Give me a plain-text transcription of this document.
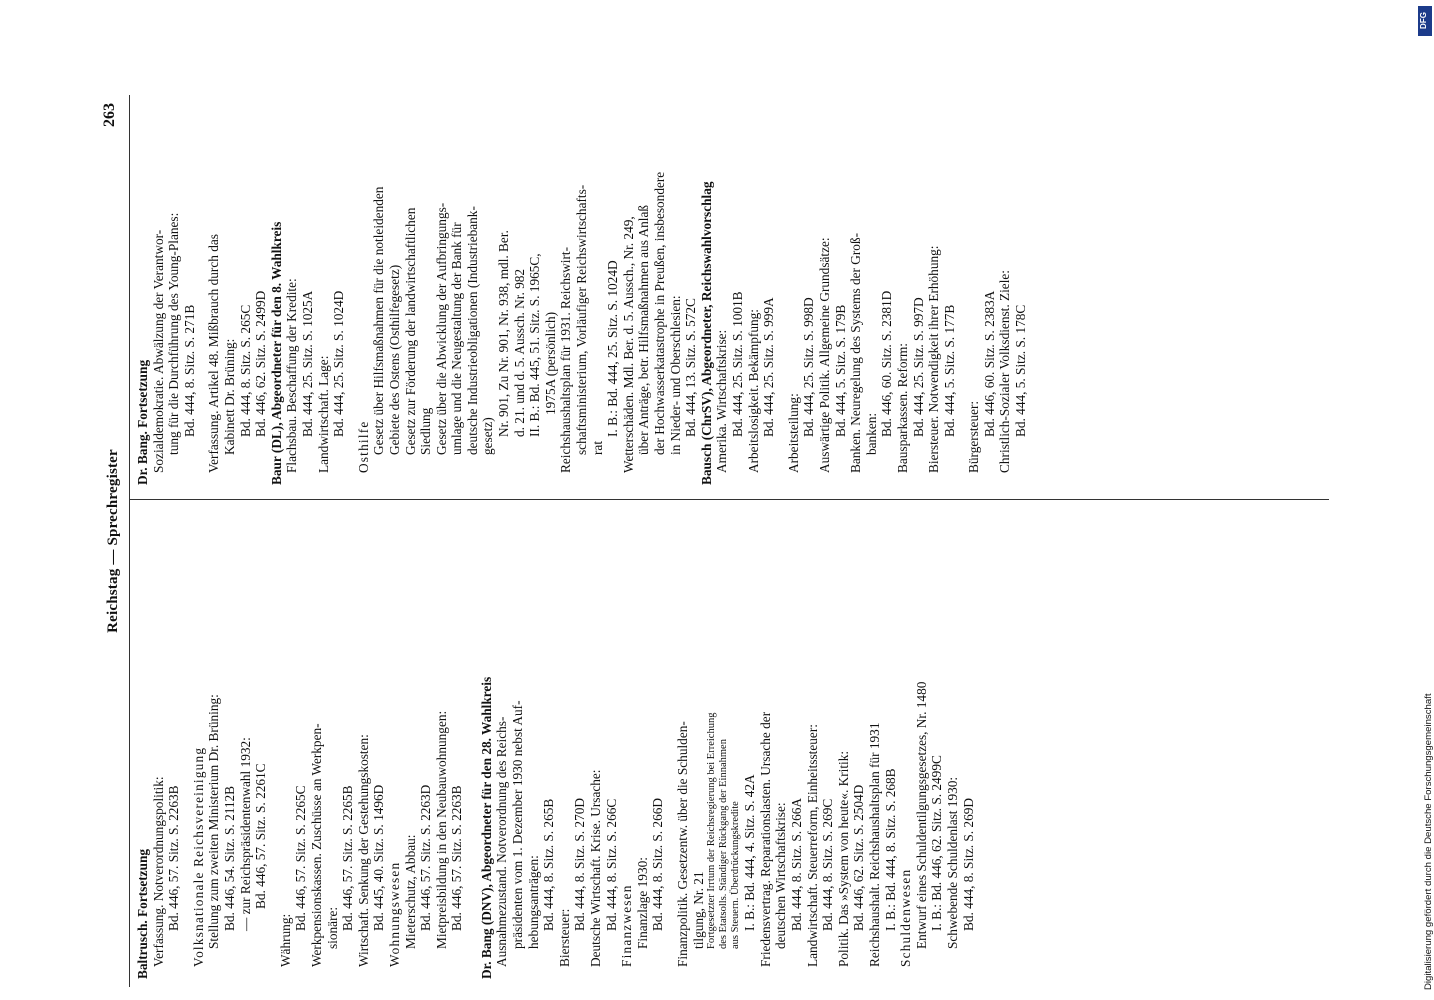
Reichstag — Sprechregister
263
Baltrusch. Fortsetzung Verfassung. Notverordnungspolitik: Bd. 446, 57. Sitz. S. 2263B Volksnationale Reichsvereinigung Stellung zum zweiten Ministerium Dr. Brüning: Bd. 446, 54. Sitz. S. 2112B — zur Reichspräsidentenwahl 1932: Bd. 446, 57. Sitz. S. 2261C
Währung:
Bd. 446, 57. Sitz. S. 2265C Werkpensionskassen. Zuschüsse an Werkpen- sionäre: Bd. 446, 57. Sitz. S. 2265B Wirtschaft. Senkung der Gestehungskosten: Bd. 445, 40. Sitz. S. 1496D Wohnungswesen Mieterschutz, Abbau: Bd. 446, 57. Sitz. S. 2263D Mietpreisbildung in den Neubauwohnungen: Bd. 446, 57. Sitz. S. 2263B Dr. Bang (DNV), Abgeordneter für den 28. Wahlkreis Ausnahmezustand. Notverordnung des Reichs- präsidenten vom 1. Dezember 1930 nebst Auf- hebungsanträgen: Bd. 444, 8. Sitz. S. 265B
Biersteuer:
Bd. 444, 8. Sitz. S. 270D Deutsche Wirtschaft. Krise. Ursache: Bd. 444, 8. Sitz. S. 266C Finanzwesen Finanzlage 1930: Bd. 444, 8. Sitz. S. 266D Finanzpolitik. Gesetzentw. über die Schulden- tilgung, Nr. 21 Fortgesetzter Irrtum der Reichsregierung bei Erreichung des Etatsolls. Ständiger Rückgang der Einnahmen aus Steuern. Überdrückungskredite I. B.: Bd. 444, 4. Sitz. S. 42A Friedensvertrag. Reparationslasten. Ursache der deutschen Wirtschaftskrise: Bd. 444, 8. Sitz. S. 266A Landwirtschaft. Steuerreform, Einheitssteuer: Bd. 444, 8. Sitz. S. 269C Politik. Das »System von heute«. Kritik: Bd. 446, 62. Sitz. S. 2504D Reichshaushalt. Reichshaushaltsplan für 1931 I. B.: Bd. 444, 8. Sitz. S. 268B Schuldenwesen Entwurf eines Schuldentilgungsgesetzes, Nr. 1480 I. B.: Bd. 446, 62. Sitz. S. 2499C Schwebende Schuldenlast 1930: Bd. 444, 8. Sitz. S. 269D
Dr. Bang. Fortsetzung Sozialdemokratie. Abwälzung der Verantwor- tung für die Durchführung des Young-Planes: Bd. 444, 8. Sitz. S. 271B Verfassung. Artikel 48. Mißbrauch durch das Kabinett Dr. Brüning: Bd. 444, 8. Sitz. S. 265C Bd. 446, 62. Sitz. S. 2499D Baur (DL), Abgeordneter für den 8. Wahlkreis Flachsbau. Beschaffung der Kredite: Bd. 444, 25. Sitz. S. 1025A Landwirtschaft. Lage: Bd. 444, 25. Sitz. S. 1024D
Osthilfe Gesetz über Hilfsmaßnahmen für die notleidenden Gebiete des Ostens (Osthilfegesetz) Gesetz zur Förderung der landwirtschaftlichen Siedlung Gesetz über die Abwicklung der Aufbringungs- umlage und die Neugestaltung der Bank für deutsche Industrieobligationen (Industriebank- gesetz) Nr. 901, Zu Nr. 901, Nr. 938, mdl. Ber. d. 21. und d. 5. Aussch. Nr. 982 II. B.: Bd. 445, 51. Sitz. S. 1965C, 1975A (persönlich) Reichshaushaltsplan für 1931. Reichswirt- schaftsministerium, Vorläufiger Reichswirtschafts- rat
I. B.: Bd. 444, 25. Sitz. S. 1024D Wetterschäden. Mdl. Ber. d. 5. Aussch., Nr. 249, über Anträge, betr. Hilfsmaßnahmen aus Anlaß der Hochwasserkatastrophe in Preußen, insbesondere in Nieder- und Oberschlesien: Bd. 444, 13. Sitz. S. 572C Bausch (ChrSV), Abgeordneter, Reichswahlvorschlag Amerika. Wirtschaftskrise: Bd. 444, 25. Sitz. S. 1001B Arbeitslosigkeit. Bekämpfung: Bd. 444, 25. Sitz. S. 999A Arbeitsteilung: Bd. 444, 25. Sitz. S. 998D Auswärtige Politik. Allgemeine Grundsätze: Bd. 444, 5. Sitz. S. 179B Banken. Neuregelung des Systems der Groß- banken: Bd. 446, 60. Sitz. S. 2381D Bausparkassen. Reform: Bd. 444, 25. Sitz. S. 997D Biersteuer. Notwendigkeit ihrer Erhöhung: Bd. 444, 5. Sitz. S. 177B Bürgersteuer: Bd. 446, 60. Sitz. S. 2383A Christlich-Sozialer Volksdienst. Ziele: Bd. 444, 5. Sitz. S. 178C
DFG
Digitalisierung gefördert durch die Deutsche Forschungsgemeinschaft
